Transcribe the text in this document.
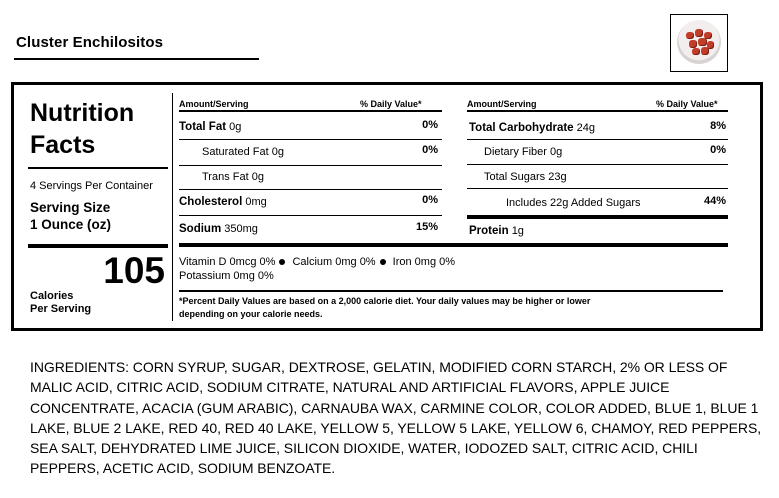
Cluster Enchilositos
Nutrition
Facts
4 Servings Per Container
Serving Size
1 Ounce (oz)
105
Calories
Per Serving
Amount/Serving	% Daily Value*
Total Fat 0g	0%
Saturated Fat 0g	0%
Trans Fat 0g
Cholesterol 0mg	0%
Sodium 350mg	15%
Amount/Serving	% Daily Value*
Total Carbohydrate 24g	8%
Dietary Fiber 0g	0%
Total Sugars 23g
Includes 22g Added Sugars	44%
Protein 1g
Vitamin D 0mcg 0% Calcium 0mg 0% Iron 0mg 0%
Potassium 0mg 0%
*Percent Daily Values are based on a 2,000 calorie diet. Your daily values may be higher or lower
depending on your calorie needs.
INGREDIENTS: CORN SYRUP, SUGAR, DEXTROSE, GELATIN, MODIFIED CORN STARCH, 2% OR LESS OF MALIC ACID, CITRIC ACID, SODIUM CITRATE, NATURAL AND ARTIFICIAL FLAVORS, APPLE JUICE CONCENTRATE, ACACIA (GUM ARABIC), CARNAUBA WAX, CARMINE COLOR, COLOR ADDED, BLUE 1, BLUE 1 LAKE, BLUE 2 LAKE, RED 40, RED 40 LAKE, YELLOW 5, YELLOW 5 LAKE, YELLOW 6, CHAMOY, RED PEPPERS, SEA SALT, DEHYDRATED LIME JUICE, SILICON DIOXIDE, WATER, IODOZED SALT, CITRIC ACID, CHILI PEPPERS, ACETIC ACID, SODIUM BENZOATE.
